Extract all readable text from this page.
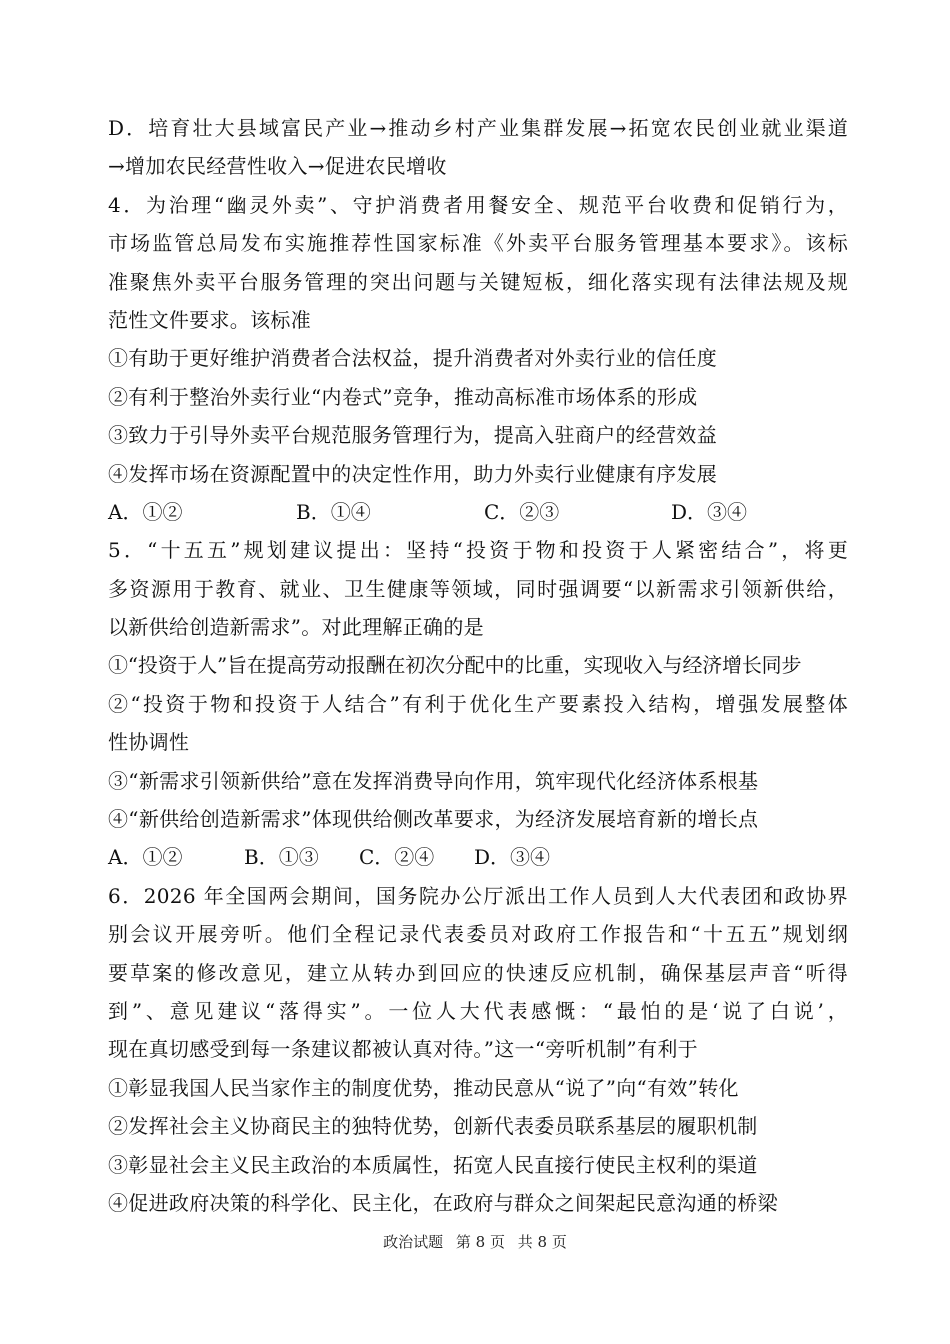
D．培育壮大县域富民产业→推动乡村产业集群发展→拓宽农民创业就业渠道
→增加农民经营性收入→促进农民增收
4．为治理“幽灵外卖”、守护消费者用餐安全、规范平台收费和促销行为，
市场监管总局发布实施推荐性国家标准《外卖平台服务管理基本要求》。该标
准聚焦外卖平台服务管理的突出问题与关键短板，细化落实现有法律法规及规
范性文件要求。该标准
①有助于更好维护消费者合法权益，提升消费者对外卖行业的信任度
②有利于整治外卖行业“内卷式”竞争，推动高标准市场体系的形成
③致力于引导外卖平台规范服务管理行为，提高入驻商户的经营效益
④发挥市场在资源配置中的决定性作用，助力外卖行业健康有序发展
A．①②	B．①④	C．②③	D．③④
5．“十五五”规划建议提出：坚持“投资于物和投资于人紧密结合”，将更
多资源用于教育、就业、卫生健康等领域，同时强调要“以新需求引领新供给，
以新供给创造新需求”。对此理解正确的是
①“投资于人”旨在提高劳动报酬在初次分配中的比重，实现收入与经济增长同步
②“投资于物和投资于人结合”有利于优化生产要素投入结构，增强发展整体
性协调性
③“新需求引领新供给”意在发挥消费导向作用，筑牢现代化经济体系根基
④“新供给创造新需求”体现供给侧改革要求，为经济发展培育新的增长点
A．①②	B．①③	C．②④	D．③④
6．2026 年全国两会期间，国务院办公厅派出工作人员到人大代表团和政协界
别会议开展旁听。他们全程记录代表委员对政府工作报告和“十五五”规划纲
要草案的修改意见，建立从转办到回应的快速反应机制，确保基层声音“听得
到”、意见建议“落得实”。一位人大代表感慨：“最怕的是‘说了白说’，
现在真切感受到每一条建议都被认真对待。”这一“旁听机制”有利于
①彰显我国人民当家作主的制度优势，推动民意从“说了”向“有效”转化
②发挥社会主义协商民主的独特优势，创新代表委员联系基层的履职机制
③彰显社会主义民主政治的本质属性，拓宽人民直接行使民主权利的渠道
④促进政府决策的科学化、民主化，在政府与群众之间架起民意沟通的桥梁
政治试题 第 8 页 共 8 页
